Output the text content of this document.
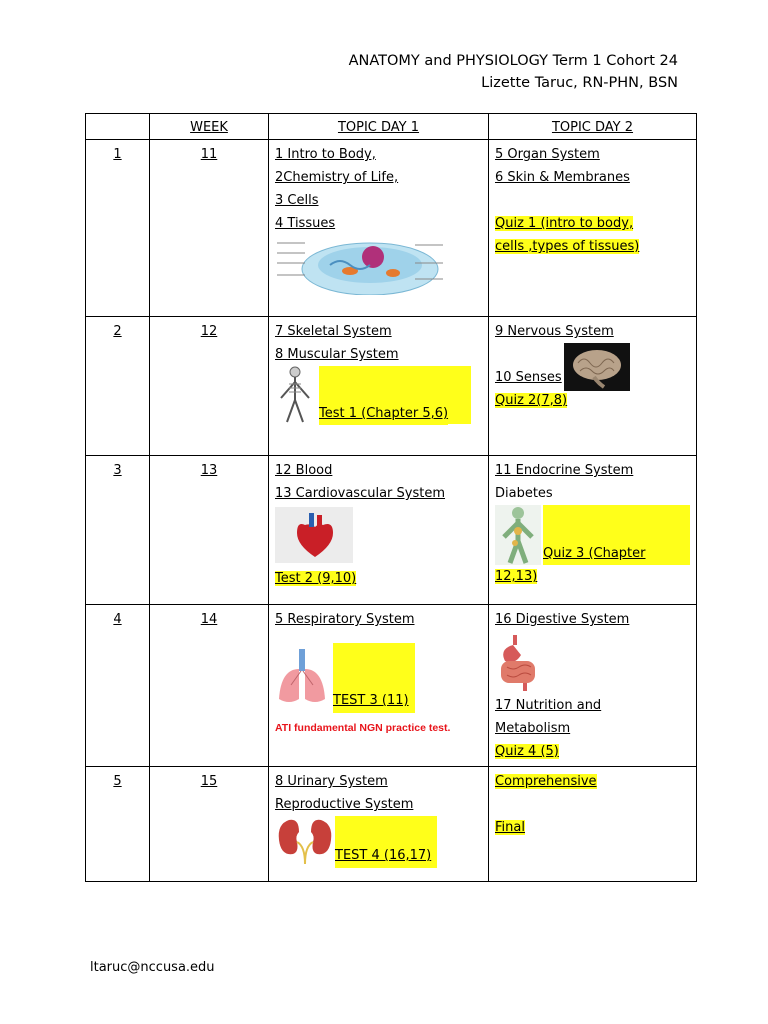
ANATOMY and PHYSIOLOGY Term 1 Cohort 24
Lizette Taruc, RN-PHN, BSN
	WEEK	TOPIC DAY 1	TOPIC DAY 2
1	11	1 Intro to Body,
2Chemistry of Life,
3 Cells
4 Tissues	5 Organ System
6 Skin & Membranes
Quiz 1 (intro to body,
cells ,types of tissues)
2	12	7 Skeletal System
8 Muscular System
Test 1 (Chapter 5,6)	9 Nervous System
10 Senses
Quiz 2(7,8)
3	13	12 Blood
13 Cardiovascular System
Test 2 (9,10)	11 Endocrine System
Diabetes
Quiz 3 (Chapter
12,13)
4	14	5 Respiratory System
TEST 3 (11)
ATI fundamental NGN practice test.	16 Digestive System
17 Nutrition and
Metabolism
Quiz 4 (5)
5	15	8 Urinary System
Reproductive System
TEST 4 (16,17)	Comprehensive
Final
ltaruc@nccusa.edu
